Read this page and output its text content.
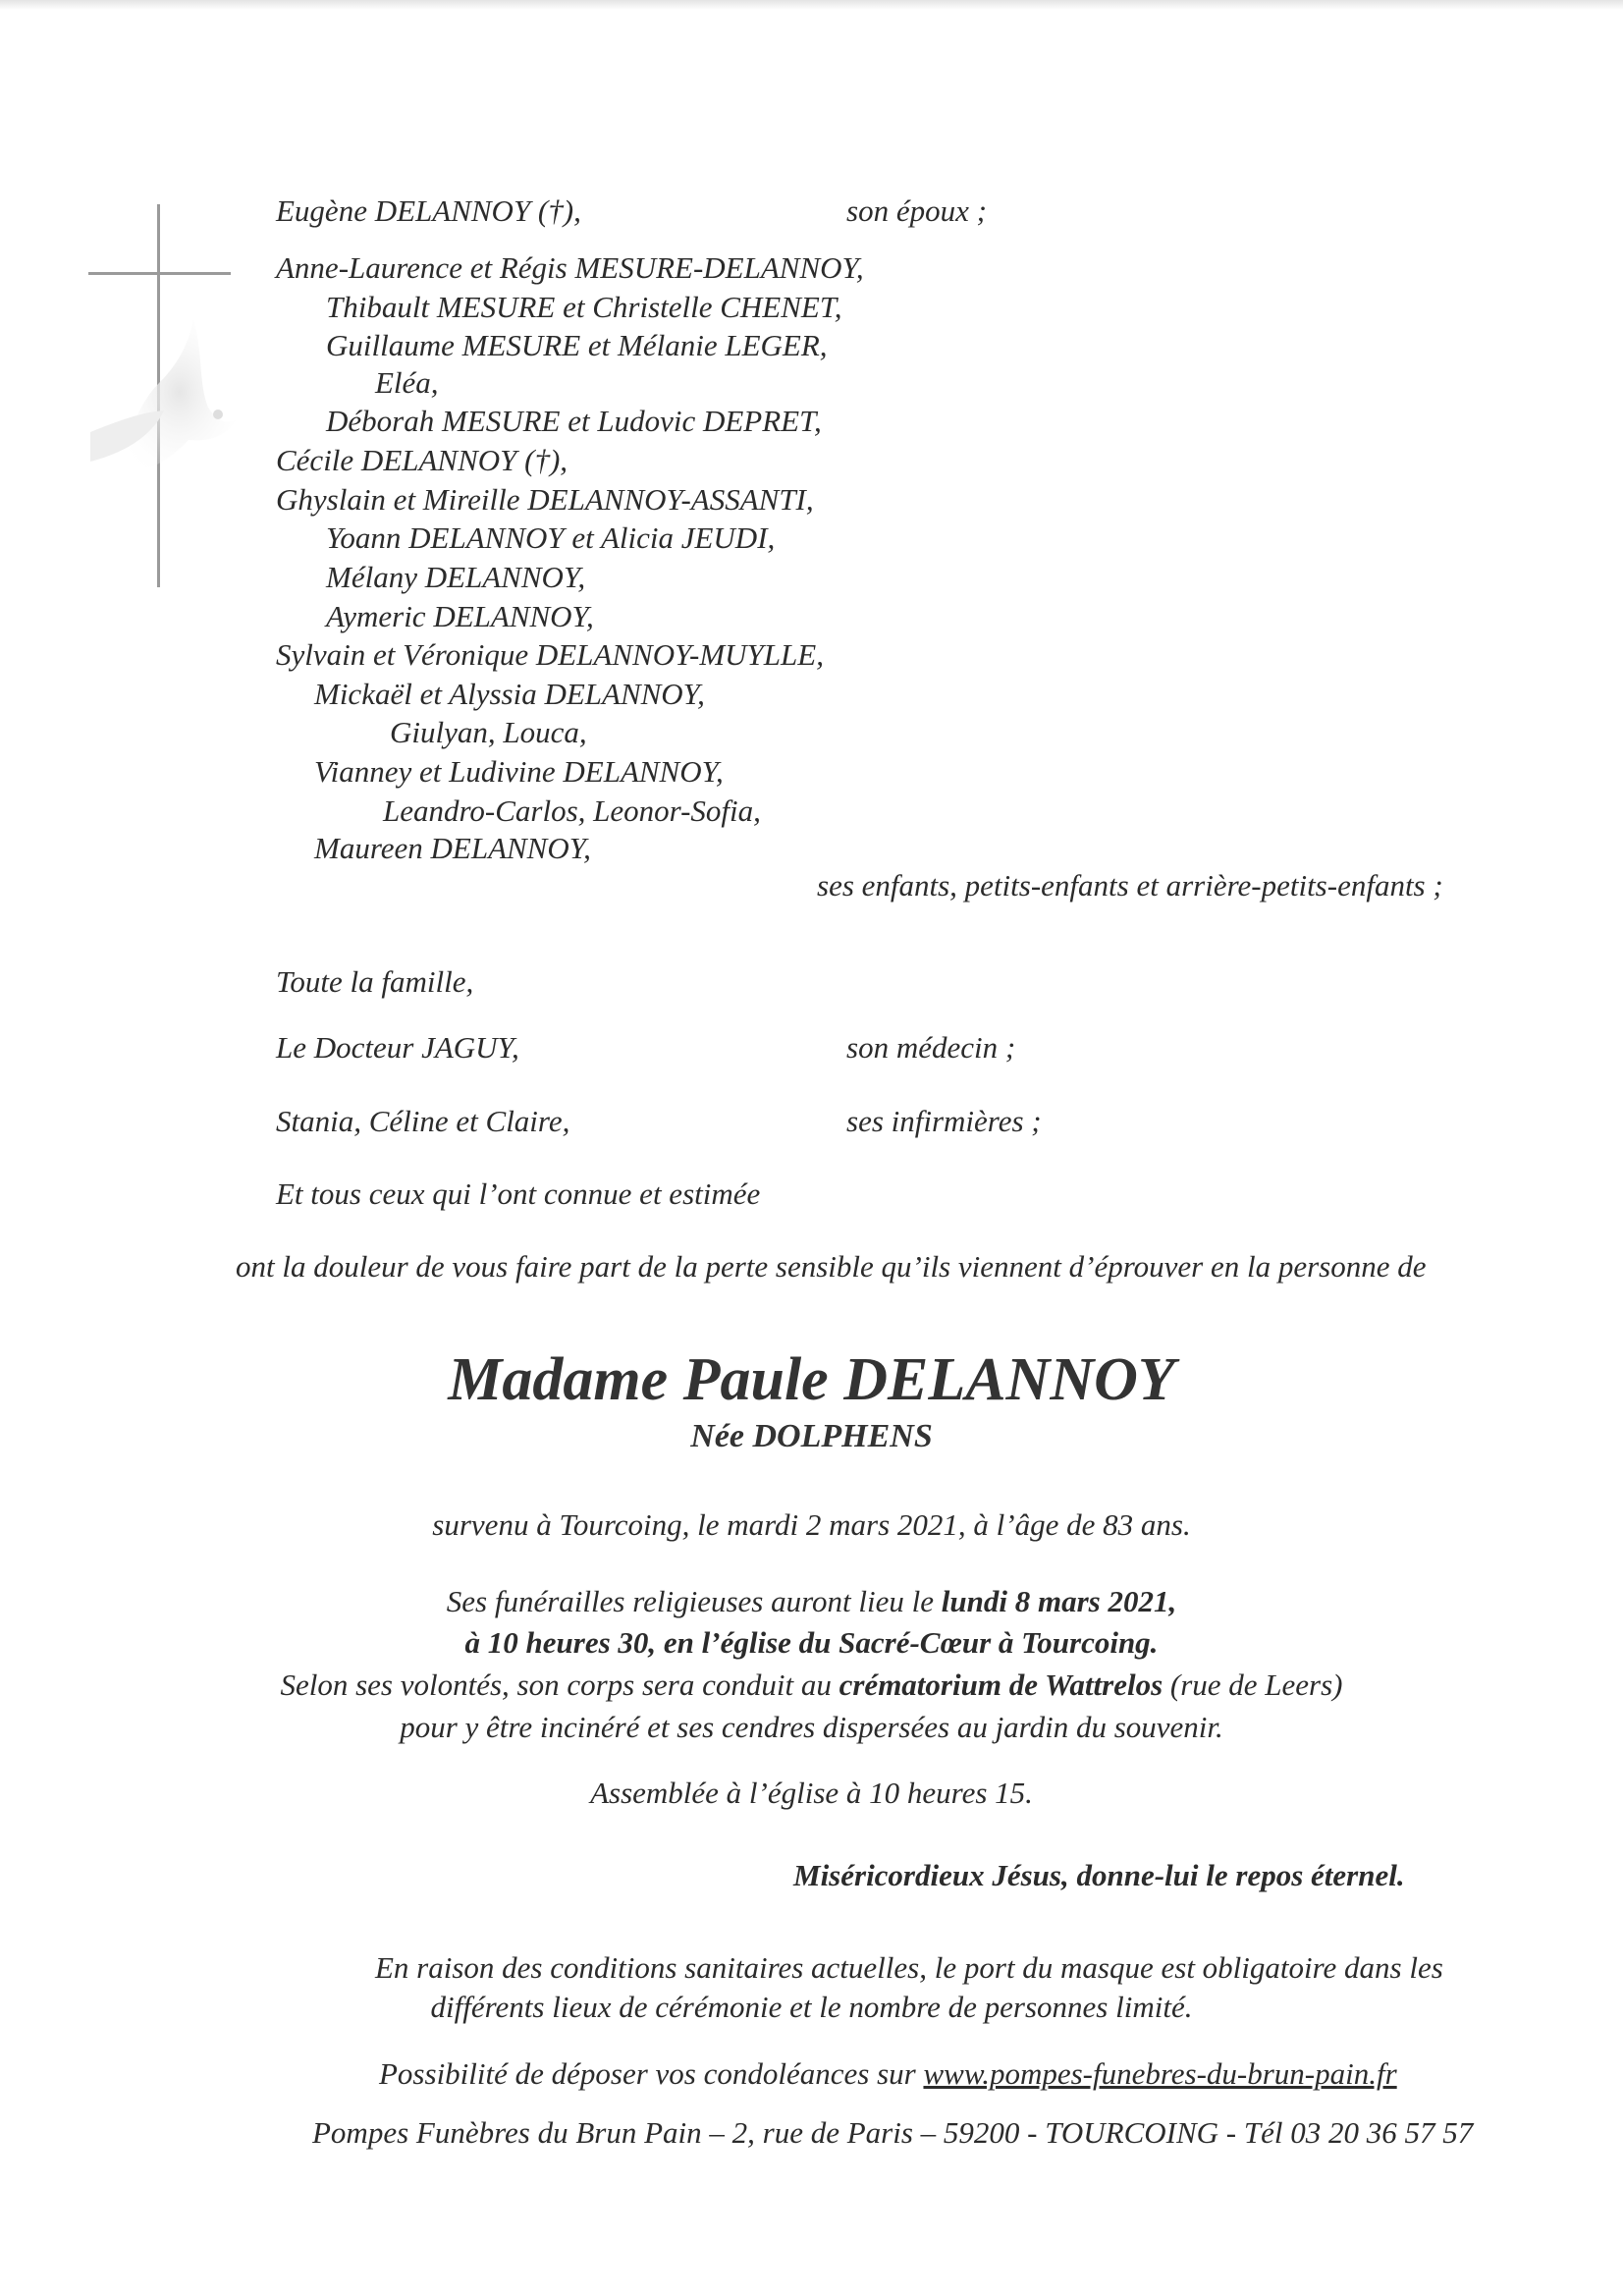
Eugène DELANNOY (†),
Anne-Laurence et Régis MESURE-DELANNOY,
Thibault MESURE et Christelle CHENET,
Guillaume MESURE et Mélanie LEGER,
Eléa,
Déborah MESURE et Ludovic DEPRET,
Cécile DELANNOY (†),
Ghyslain et Mireille DELANNOY-ASSANTI,
Yoann DELANNOY et Alicia JEUDI,
Mélany DELANNOY,
Aymeric DELANNOY,
Sylvain et Véronique DELANNOY-MUYLLE,
Mickaël et Alyssia DELANNOY,
Giulyan, Louca,
Vianney et Ludivine DELANNOY,
Leandro-Carlos, Leonor-Sofia,
Maureen DELANNOY,
son époux ;
ses enfants, petits-enfants et arrière-petits-enfants ;
Toute la famille,
Le Docteur JAGUY,	son médecin ;
Stania, Céline et Claire,	ses infirmières ;
Et tous ceux qui l’ont connue et estimée
ont la douleur de vous faire part de la perte sensible qu’ils viennent d’éprouver en la personne de
Madame Paule DELANNOY
Née DOLPHENS
survenu à Tourcoing, le mardi 2 mars 2021, à l’âge de 83 ans.
Ses funérailles religieuses auront lieu le lundi 8 mars 2021,
à 10 heures 30, en l’église du Sacré-Cœur à Tourcoing.
Selon ses volontés, son corps sera conduit au crématorium de Wattrelos (rue de Leers)
pour y être incinéré et ses cendres dispersées au jardin du souvenir.
Assemblée à l’église à 10 heures 15.
Miséricordieux Jésus, donne-lui le repos éternel.
En raison des conditions sanitaires actuelles, le port du masque est obligatoire dans les
différents lieux de cérémonie et le nombre de personnes limité.
Possibilité de déposer vos condoléances sur www.pompes-funebres-du-brun-pain.fr
Pompes Funèbres du Brun Pain – 2, rue de Paris – 59200 - TOURCOING - Tél 03 20 36 57 57
